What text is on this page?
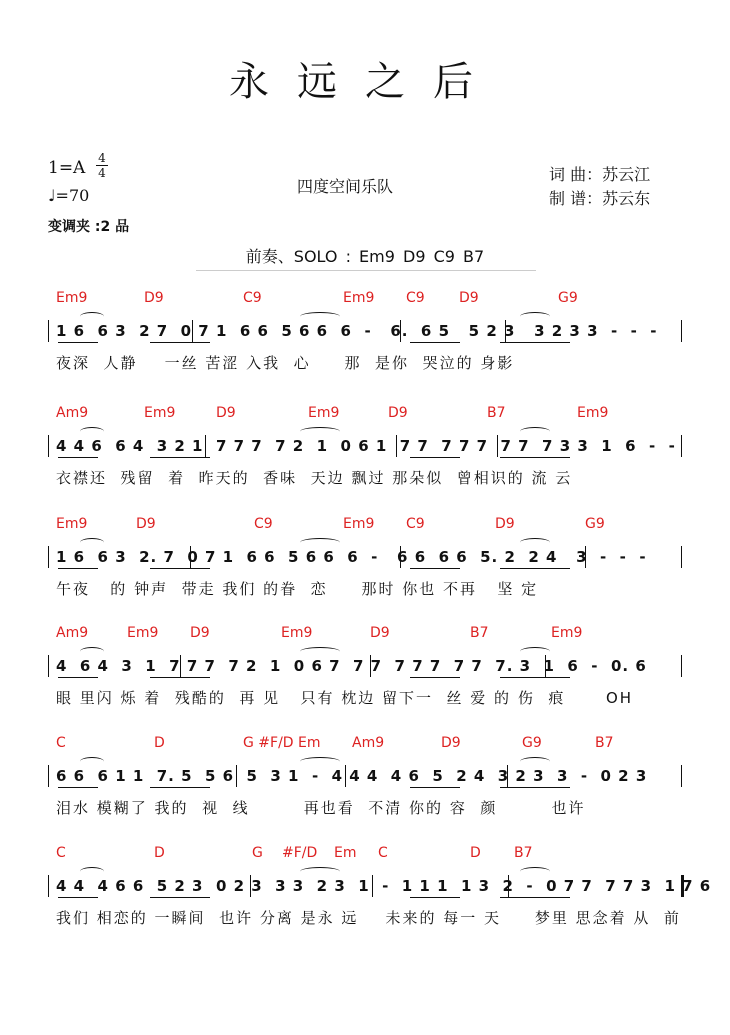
永远之后
1=A 4
4
♩=70
变调夹 :2 品
四度空间乐队
词 曲：苏云江
制 谱：苏云东
前奏、SOLO : Em9 D9 C9 B7
Em9	D9	C9	Em9 C9 D9	G9
1 6  6 3  2 7  0 7 1  6 6  5 6 6  6  -   6.  6 5   5 2 3   3 2 3 3  -  -  -
夜深  人静    一丝 苦涩 入我  心     那  是你  哭泣的 身影
Am9	Em9	D9	Em9	D9	B7	Em9
4 4 6  6 4  3 2 1  7 7 7  7 2  1  0 6 1  7 7  7 7 7  7 7  7 3 3  1  6  -  -
衣襟还  残留  着  昨天的  香味  天边 飘过 那朵似  曾相识的 流 云
Em9	D9	C9	Em9 C9	D9	G9
1 6  6 3  2. 7  0 7 1  6 6  5 6 6  6  -   6 6  6 6  5. 2  2 4   3  -  -  -
午夜   的 钟声  带走 我们 的眷  恋     那时 你也 不再   坚 定
Am9	Em9 D9	Em9	D9	B7	Em9
4  6 4  3  1  7 7 7  7 2  1  0 6 7  7 7  7 7 7  7 7  7. 3  1  6  -  0. 6
眼 里闪 烁 着  残酷的  再 见   只有 枕边 留下一  丝 爱 的 伤  痕      OH
C	D	G #F/D Em Am9	D9	G9	B7
6 6  6 1 1  7. 5  5 6  5  3 1  -  4 4 4  4 6  5  2 4  3 2 3  3  -  0 2 3
泪水 模糊了 我的  视  线        再也看  不清 你的 容  颜        也许
C	D	G #F/D Em C	D B7
4 4  4 6 6  5 2 3  0 2 3  3 3  2 3  1  -  1 1 1  1 3  2  -  0 7 7  7 7 3  1 7 6
我们 相恋的 一瞬间  也许 分离 是永 远    未来的 每一 天     梦里 思念着 从  前
